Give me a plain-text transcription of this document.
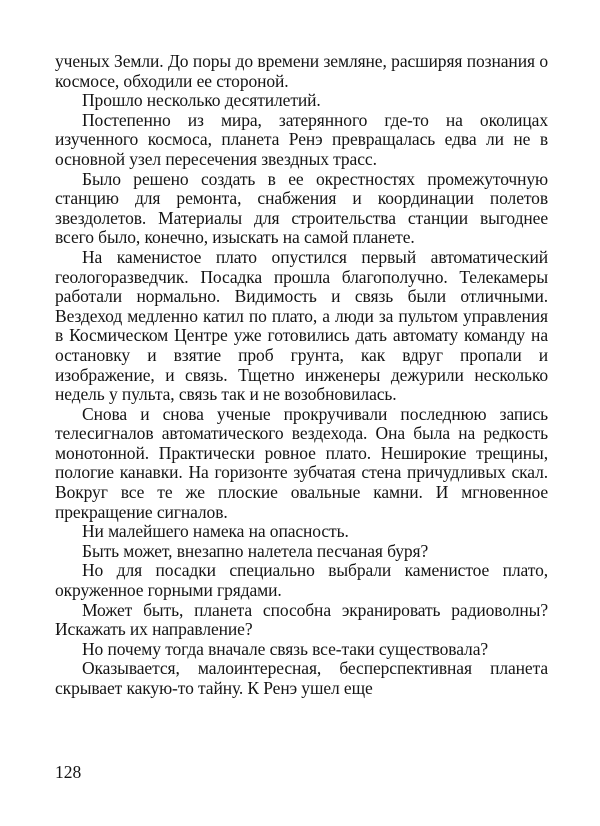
ученых Земли. До поры до времени земляне, расширяя познания о космосе, обходили ее стороной.

Прошло несколько десятилетий.

Постепенно из мира, затерянного где-то на околицах изученного космоса, планета Ренэ превращалась едва ли не в основной узел пересечения звездных трасс.

Было решено создать в ее окрестностях промежуточную станцию для ремонта, снабжения и координации полетов звездолетов. Материалы для строительства станции выгоднее всего было, конечно, изыскать на самой планете.

На каменистое плато опустился первый автоматический геологоразведчик. Посадка прошла благополучно. Телекамеры работали нормально. Видимость и связь были отличными. Вездеход медленно катил по плато, а люди за пультом управления в Космическом Центре уже готовились дать автомату команду на остановку и взятие проб грунта, как вдруг пропали и изображение, и связь. Тщетно инженеры дежурили несколько недель у пульта, связь так и не возобновилась.

Снова и снова ученые прокручивали последнюю запись телесигналов автоматического вездехода. Она была на редкость монотонной. Практически ровное плато. Неширокие трещины, пологие канавки. На горизонте зубчатая стена причудливых скал. Вокруг все те же плоские овальные камни. И мгновенное прекращение сигналов.

Ни малейшего намека на опасность.

Быть может, внезапно налетела песчаная буря?

Но для посадки специально выбрали каменистое плато, окруженное горными грядами.

Может быть, планета способна экранировать радиоволны? Искажать их направление?

Но почему тогда вначале связь все-таки существовала?

Оказывается, малоинтересная, бесперспективная планета скрывает какую-то тайну. К Ренэ ушел еще

128
